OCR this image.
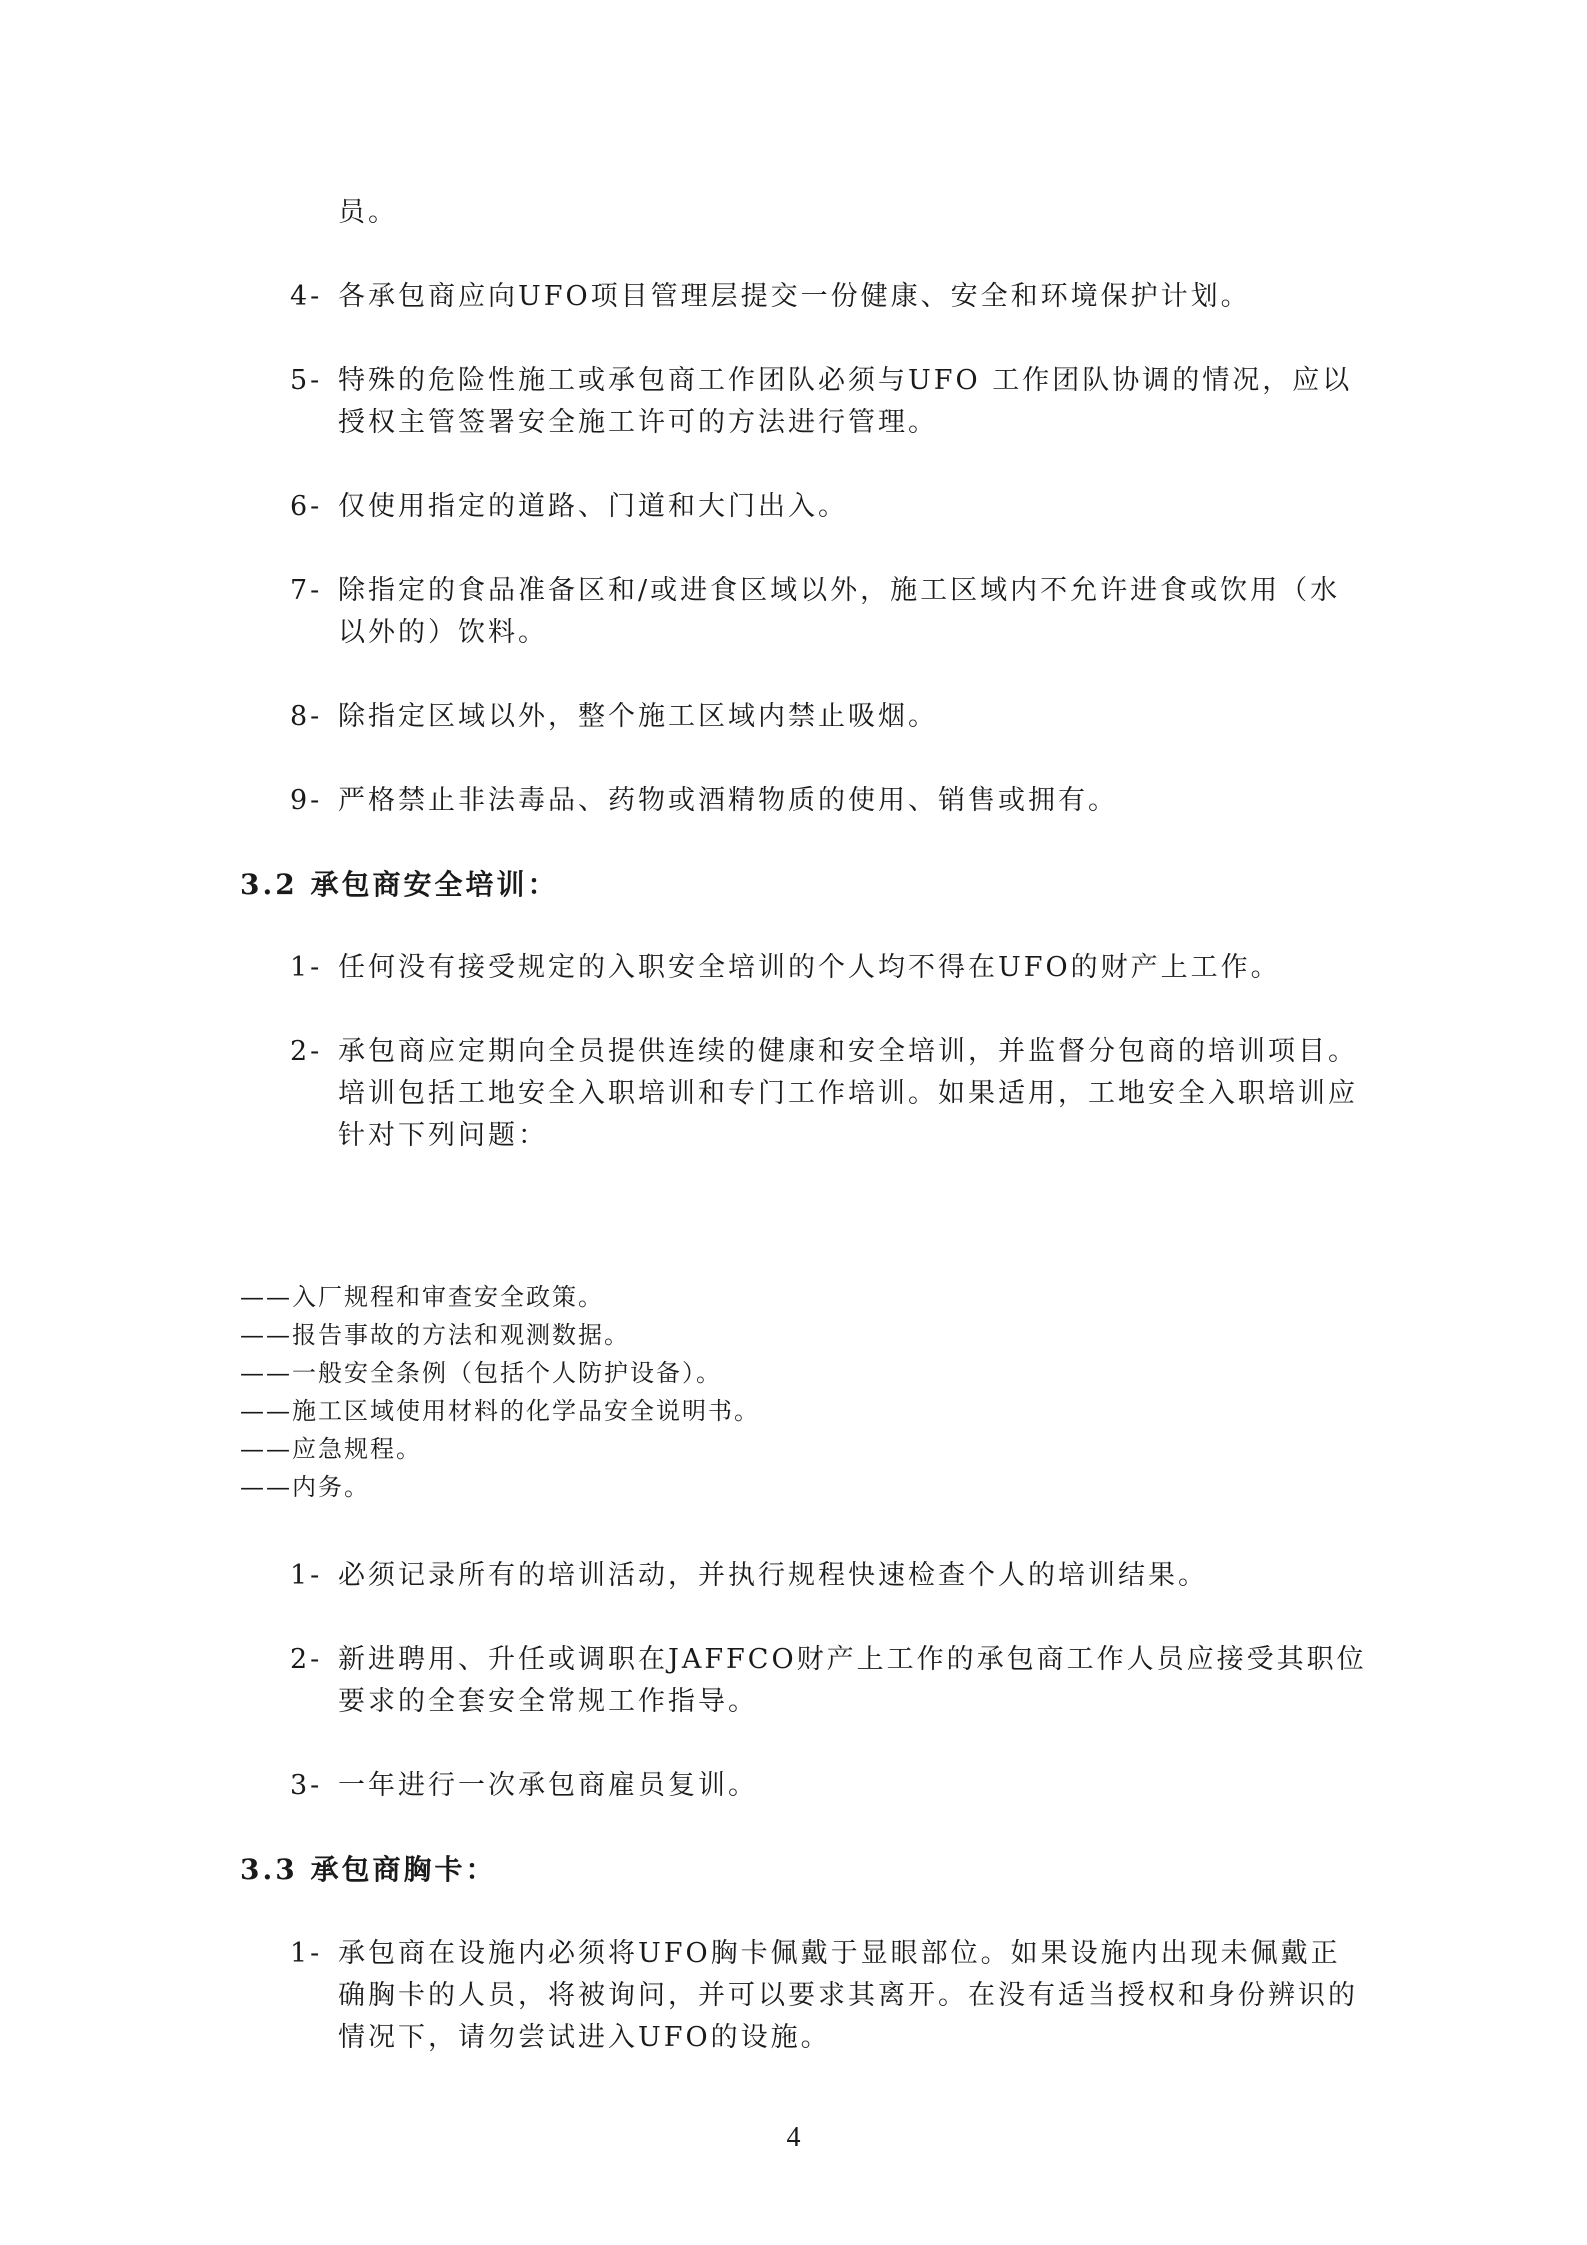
员。
4- 各承包商应向UFO项目管理层提交一份健康、安全和环境保护计划。
5- 特殊的危险性施工或承包商工作团队必须与UFO 工作团队协调的情况，应以授权主管签署安全施工许可的方法进行管理。
6- 仅使用指定的道路、门道和大门出入。
7- 除指定的食品准备区和/或进食区域以外，施工区域内不允许进食或饮用（水以外的）饮料。
8- 除指定区域以外，整个施工区域内禁止吸烟。
9- 严格禁止非法毒品、药物或酒精物质的使用、销售或拥有。
3.2 承包商安全培训：
1- 任何没有接受规定的入职安全培训的个人均不得在UFO的财产上工作。
2- 承包商应定期向全员提供连续的健康和安全培训，并监督分包商的培训项目。培训包括工地安全入职培训和专门工作培训。如果适用，工地安全入职培训应针对下列问题：
——入厂规程和审查安全政策。
——报告事故的方法和观测数据。
——一般安全条例（包括个人防护设备）。
——施工区域使用材料的化学品安全说明书。
——应急规程。
——内务。
1- 必须记录所有的培训活动，并执行规程快速检查个人的培训结果。
2- 新进聘用、升任或调职在JAFFCO财产上工作的承包商工作人员应接受其职位要求的全套安全常规工作指导。
3- 一年进行一次承包商雇员复训。
3.3 承包商胸卡：
1- 承包商在设施内必须将UFO胸卡佩戴于显眼部位。如果设施内出现未佩戴正确胸卡的人员，将被询问，并可以要求其离开。在没有适当授权和身份辨识的情况下，请勿尝试进入UFO的设施。
4
